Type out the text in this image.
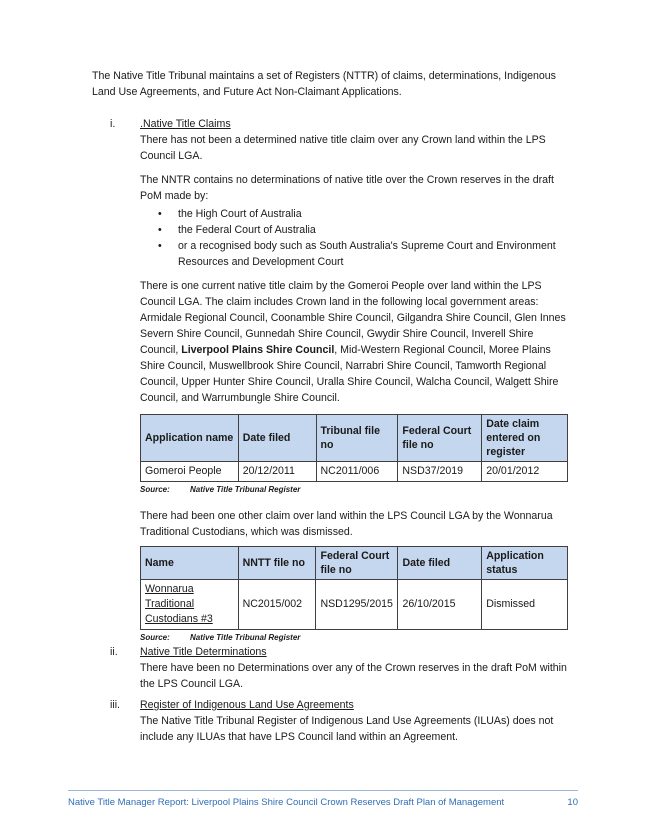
The Native Title Tribunal maintains a set of Registers (NTTR) of claims, determinations, Indigenous Land Use Agreements, and Future Act Non-Claimant Applications.

i.	.Native Title Claims

There has not been a determined native title claim over any Crown land within the LPS Council LGA.

The NNTR contains no determinations of native title over the Crown reserves in the draft PoM made by:

• the High Court of Australia
• the Federal Court of Australia
• or a recognised body such as South Australia's Supreme Court and Environment Resources and Development Court

There is one current native title claim by the Gomeroi People over land within the LPS Council LGA. The claim includes Crown land in the following local government areas: Armidale Regional Council, Coonamble Shire Council, Gilgandra Shire Council, Glen Innes Severn Shire Council, Gunnedah Shire Council, Gwydir Shire Council, Inverell Shire Council, Liverpool Plains Shire Council, Mid-Western Regional Council, Moree Plains Shire Council, Muswellbrook Shire Council, Narrabri Shire Council, Tamworth Regional Council, Upper Hunter Shire Council, Uralla Shire Council, Walcha Council, Walgett Shire Council, and Warrumbungle Shire Council.

Application name	Date filed	Tribunal file no	Federal Court file no	Date claim entered on register
Gomeroi People	20/12/2011	NC2011/006	NSD37/2019	20/01/2012
Source:	Native Title Tribunal Register

There had been one other claim over land within the LPS Council LGA by the Wonnarua Traditional Custodians, which was dismissed.

Name	NNTT file no	Federal Court file no	Date filed	Application status
Wonnarua Traditional Custodians #3	NC2015/002	NSD1295/2015	26/10/2015	Dismissed
Source:	Native Title Tribunal Register
ii.	Native Title Determinations

There have been no Determinations over any of the Crown reserves in the draft PoM within the LPS Council LGA.

iii.	Register of Indigenous Land Use Agreements

The Native Title Tribunal Register of Indigenous Land Use Agreements (ILUAs) does not include any ILUAs that have LPS Council land within an Agreement.

Native Title Manager Report: Liverpool Plains Shire Council Crown Reserves Draft Plan of Management	10
